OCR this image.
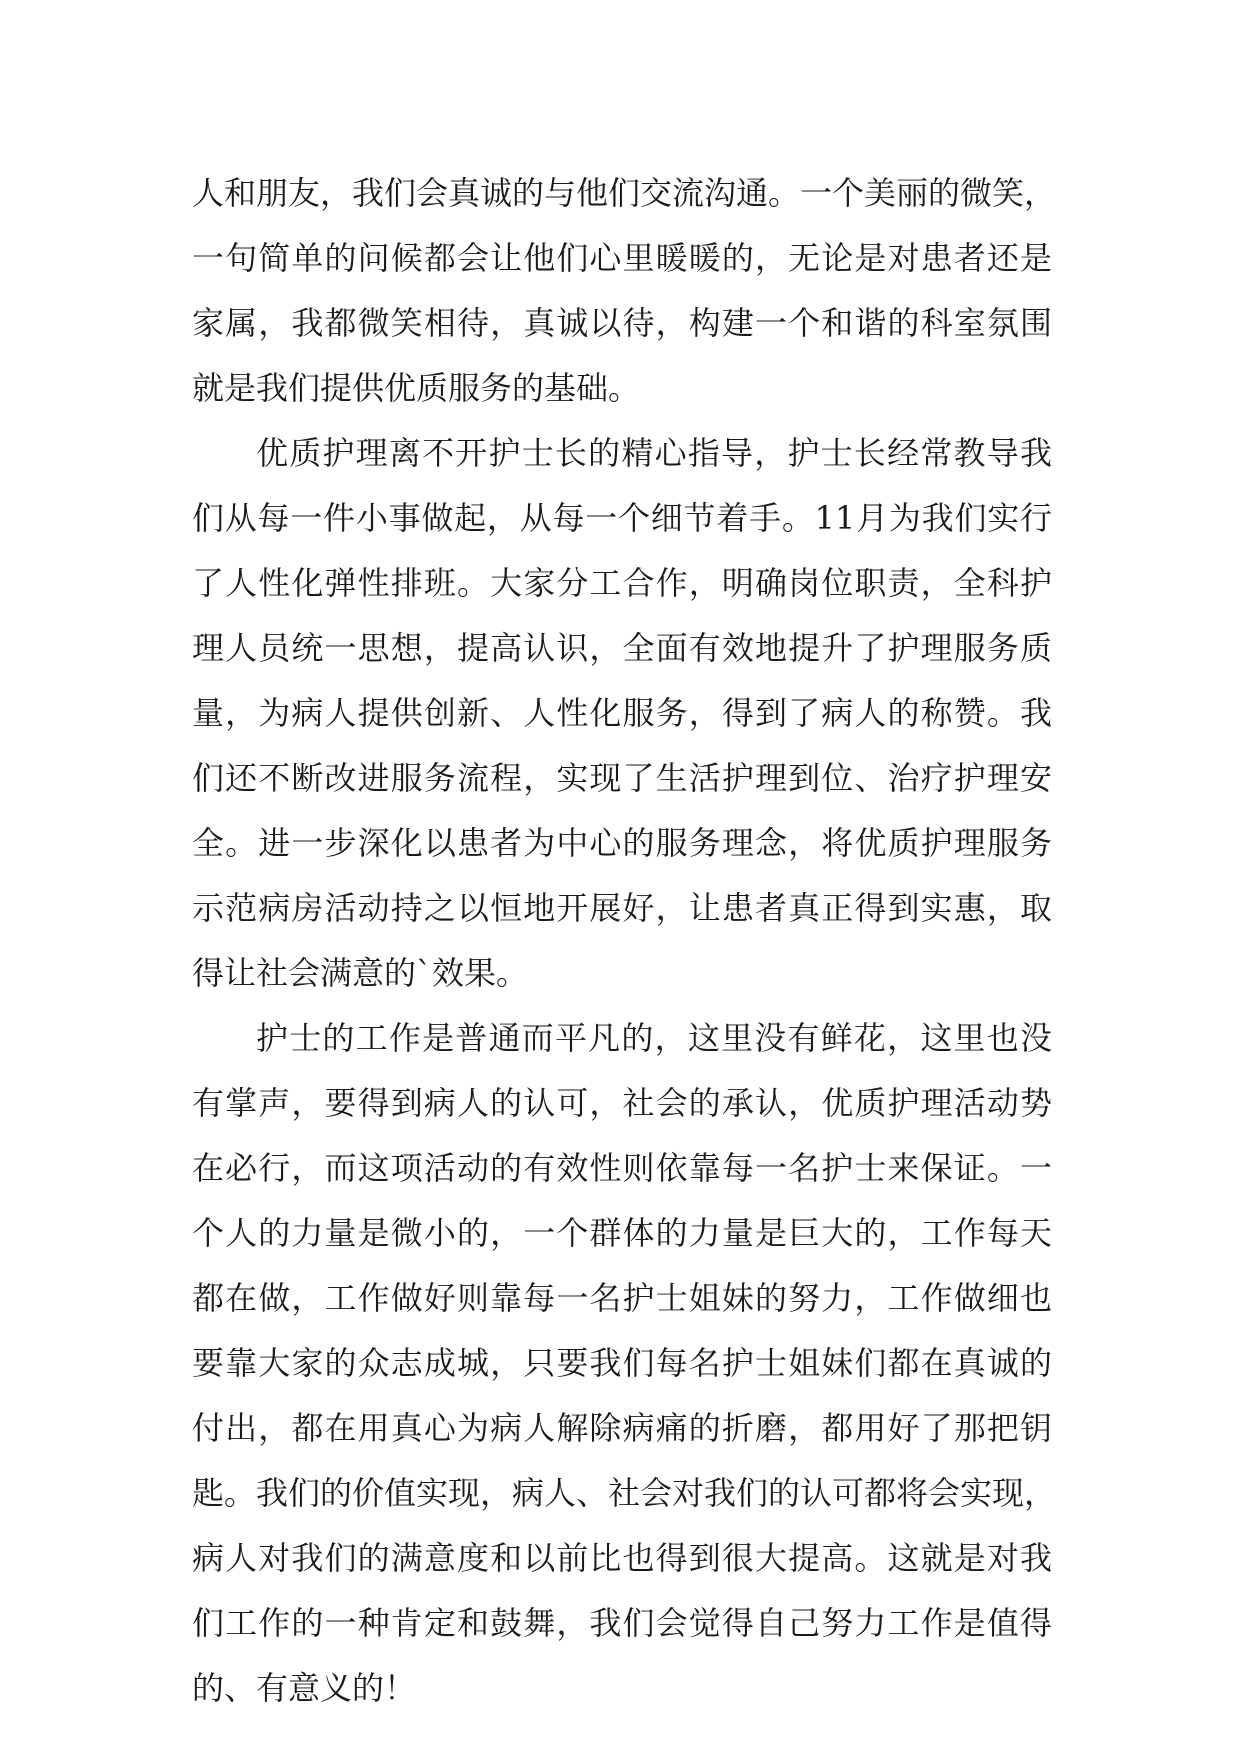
人和朋友，我们会真诚的与他们交流沟通。一个美丽的微笑，
一句简单的问候都会让他们心里暖暖的，无论是对患者还是
家属，我都微笑相待，真诚以待，构建一个和谐的科室氛围
就是我们提供优质服务的基础。
优质护理离不开护士长的精心指导，护士长经常教导我
们从每一件小事做起，从每一个细节着手。11月为我们实行
了人性化弹性排班。大家分工合作，明确岗位职责，全科护
理人员统一思想，提高认识，全面有效地提升了护理服务质
量，为病人提供创新、人性化服务，得到了病人的称赞。我
们还不断改进服务流程，实现了生活护理到位、治疗护理安
全。进一步深化以患者为中心的服务理念，将优质护理服务
示范病房活动持之以恒地开展好，让患者真正得到实惠，取
得让社会满意的`效果。
护士的工作是普通而平凡的，这里没有鲜花，这里也没
有掌声，要得到病人的认可，社会的承认，优质护理活动势
在必行，而这项活动的有效性则依靠每一名护士来保证。一
个人的力量是微小的，一个群体的力量是巨大的，工作每天
都在做，工作做好则靠每一名护士姐妹的努力，工作做细也
要靠大家的众志成城，只要我们每名护士姐妹们都在真诚的
付出，都在用真心为病人解除病痛的折磨，都用好了那把钥
匙。我们的价值实现，病人、社会对我们的认可都将会实现，
病人对我们的满意度和以前比也得到很大提高。这就是对我
们工作的一种肯定和鼓舞，我们会觉得自己努力工作是值得
的、有意义的！
